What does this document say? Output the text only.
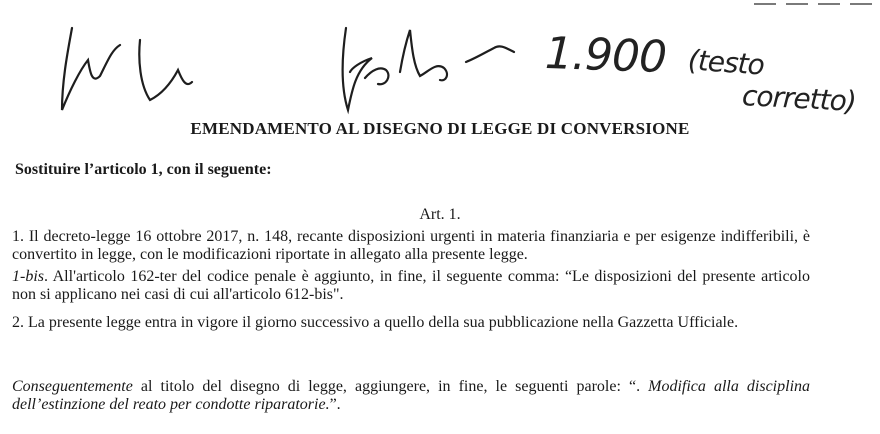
1.900 (testo
corretto)
EMENDAMENTO AL DISEGNO DI LEGGE DI CONVERSIONE
Sostituire l’articolo 1, con il seguente:
Art. 1.
1. Il decreto-legge 16 ottobre 2017, n. 148, recante disposizioni urgenti in materia finanziaria e per esigenze indifferibili, è convertito in legge, con le modificazioni riportate in allegato alla presente legge.
1-bis. All'articolo 162-ter del codice penale è aggiunto, in fine, il seguente comma: “Le disposizioni del presente articolo non si applicano nei casi di cui all'articolo 612-bis".
2. La presente legge entra in vigore il giorno successivo a quello della sua pubblicazione nella Gazzetta Ufficiale.
Conseguentemente al titolo del disegno di legge, aggiungere, in fine, le seguenti parole: “. Modifica alla disciplina dell’estinzione del reato per condotte riparatorie.”.
